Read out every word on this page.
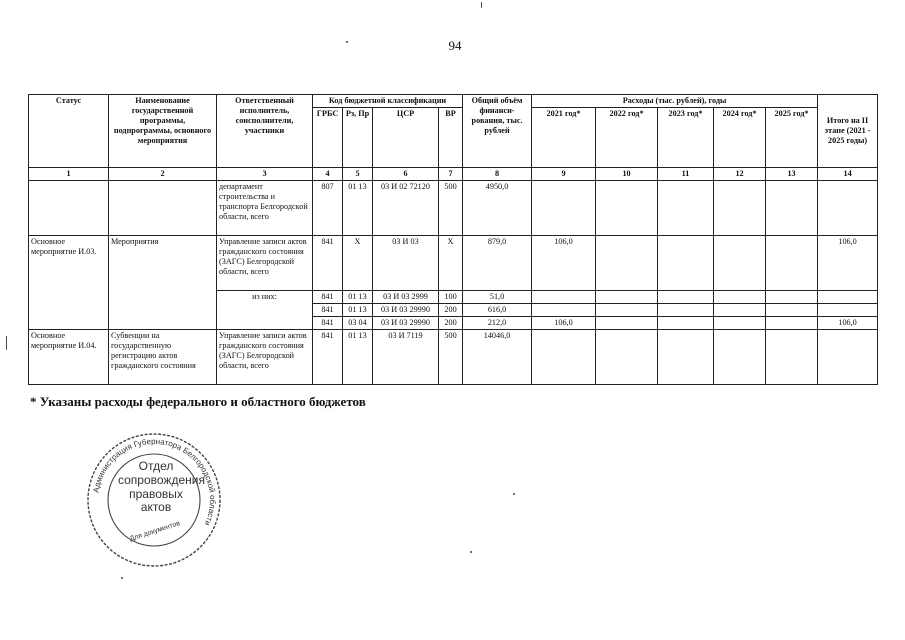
94
Статус	Наименование государственной программы, подпрограммы, основного мероприятия	Ответственный исполнитель, соисполнители, участники	Код бюджетной классификации				Общий объём финанси-рования, тыс. рублей	Расходы (тыс. рублей), годы					Итого на II этапе (2021 - 2025 годы)
			ГРБС	Рз, Пр	ЦСР	ВР		2021 год*	2022 год*	2023 год*	2024 год*	2025 год*	
1	2	3	4	5	6	7	8	9	10	11	12	13	14
		департамент строительства и транспорта Белгородской области, всего	807	01 13	03 И 02 72120	500	4950,0						
Основное мероприятие И.03.	Мероприятия	Управление записи актов гражданского состояния (ЗАГС) Белгородской области, всего	841	Х	03 И 03	Х	879,0	106,0					106,0
		из них:	841	01 13	03 И 03 2999	100	51,0						
			841	01 13	03 И 03 29990	200	616,0						
			841	03 04	03 И 03 29990	200	212,0	106,0					106,0
Основное мероприятие И.04.	Субвенции на государственную регистрацию актов гражданского состояния	Управление записи актов гражданского состояния (ЗАГС) Белгородской области, всего	841	01 13	03 И 7119	500	14046,0						
* Указаны расходы федерального и областного бюджетов
Администрация Губернатора Белгородской области
Отдел сопровождения правовых актов
Для документов
